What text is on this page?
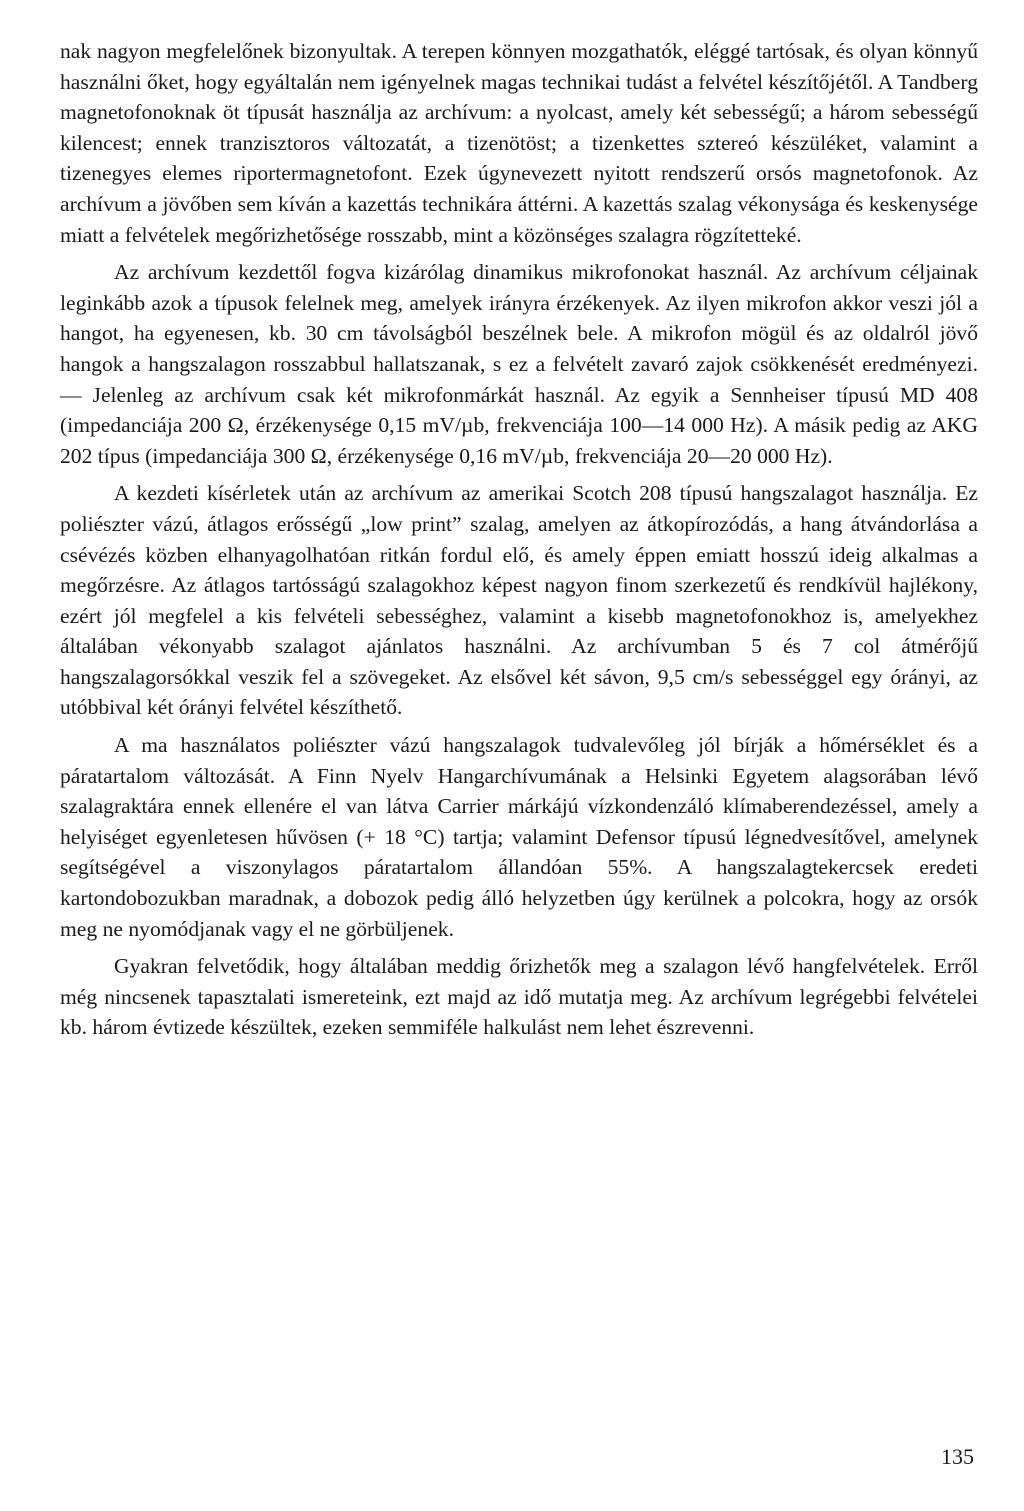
nak nagyon megfelelőnek bizonyultak. A terepen könnyen mozgathatók, eléggé tartósak, és olyan könnyű használni őket, hogy egyáltalán nem igényelnek magas technikai tudást a felvétel készítőjétől. A Tandberg magnetofonoknak öt típusát használja az archívum: a nyolcast, amely két sebességű; a három sebességű kilencest; ennek tranzisztoros változatát, a tizenötöst; a tizenkettes sztereó készüléket, valamint a tizenegyes elemes riportermagnetofont. Ezek úgynevezett nyitott rendszerű orsós magnetofonok. Az archívum a jövőben sem kíván a kazettás technikára áttérni. A kazettás szalag vékonysága és keskenysége miatt a felvételek megőrizhetősége rosszabb, mint a közönséges szalagra rögzítetteké.

Az archívum kezdettől fogva kizárólag dinamikus mikrofonokat használ. Az archívum céljainak leginkább azok a típusok felelnek meg, amelyek irányra érzékenyek. Az ilyen mikrofon akkor veszi jól a hangot, ha egyenesen, kb. 30 cm távolságból beszélnek bele. A mikrofon mögül és az oldalról jövő hangok a hangszalagon rosszabbul hallatszanak, s ez a felvételt zavaró zajok csökkenését eredményezi. — Jelenleg az archívum csak két mikrofonmárkát használ. Az egyik a Sennheiser típusú MD 408 (impedanciája 200 Ω, érzékenysége 0,15 mV/µb, frekvenciája 100—14 000 Hz). A másik pedig az AKG 202 típus (impedanciája 300 Ω, érzékenysége 0,16 mV/µb, frekvenciája 20—20 000 Hz).

A kezdeti kísérletek után az archívum az amerikai Scotch 208 típusú hangszalagot használja. Ez poliészter vázú, átlagos erősségű „low print” szalag, amelyen az átkopírozódás, a hang átvándorlása a csévézés közben elhanyagolhatóan ritkán fordul elő, és amely éppen emiatt hosszú ideig alkalmas a megőrzésre. Az átlagos tartósságú szalagokhoz képest nagyon finom szerkezetű és rendkívül hajlékony, ezért jól megfelel a kis felvételi sebességhez, valamint a kisebb magnetofonokhoz is, amelyekhez általában vékonyabb szalagot ajánlatos használni. Az archívumban 5 és 7 col átmérőjű hangszalagorsókkal veszik fel a szövegeket. Az elsővel két sávon, 9,5 cm/s sebességgel egy órányi, az utóbbival két órányi felvétel készíthető.

A ma használatos poliészter vázú hangszalagok tudvalevőleg jól bírják a hőmérséklet és a páratartalom változását. A Finn Nyelv Hangarchívumának a Helsinki Egyetem alagsorában lévő szalagraktára ennek ellenére el van látva Carrier márkájú vízkondenzáló klímaberendezéssel, amely a helyiséget egyenletesen hűvösen (+ 18 °C) tartja; valamint Defensor típusú légnedvesítővel, amelynek segítségével a viszonylagos páratartalom állandóan 55%. A hangszalagtekercsek eredeti kartondobozukban maradnak, a dobozok pedig álló helyzetben úgy kerülnek a polcokra, hogy az orsók meg ne nyomódjanak vagy el ne görbüljenek.

Gyakran felvetődik, hogy általában meddig őrizhetők meg a szalagon lévő hangfelvételek. Erről még nincsenek tapasztalati ismereteink, ezt majd az idő mutatja meg. Az archívum legrégebbi felvételei kb. három évtizede készültek, ezeken semmiféle halkulást nem lehet észrevenni.

135
